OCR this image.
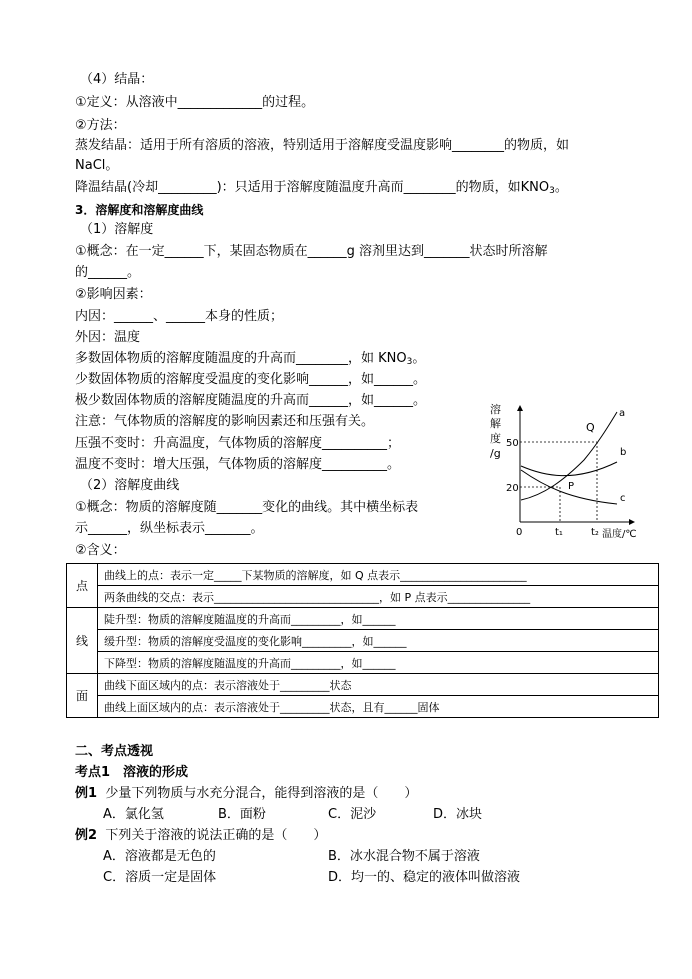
（4）结晶：
①定义：从溶液中_____________的过程。
②方法：
蒸发结晶：适用于所有溶质的溶液，特别适用于溶解度受温度影响________的物质，如
NaCl。
降温结晶(冷却_________)：只适用于溶解度随温度升高而________的物质，如$KNO_3$。
3．溶解度和溶解度曲线
（1）溶解度
①概念：在一定______下，某固态物质在______g 溶剂里达到_______状态时所溶解
的______。
②影响因素：
内因：______、______本身的性质；
外因：温度
多数固体物质的溶解度随温度的升高而________，如 $KNO_3$。
少数固体物质的溶解度受温度的变化影响______，如______。
极少数固体物质的溶解度随温度的升高而______，如______。
注意：气体物质的溶解度的影响因素还和压强有关。
压强不变时：升高温度，气体物质的溶解度__________；
温度不变时：增大压强，气体物质的溶解度__________。
（2）溶解度曲线
①概念：物质的溶解度随_______变化的曲线。其中横坐标表
示______，纵坐标表示_______。
②含义：
溶
解
度
/g
50
20
a
b
c
Q
P
0	t₁	t₂ 温度/℃
点	曲线上的点：表示一定_____下某物质的溶解度，如 Q 点表示_______________________
	两条曲线的交点：表示______________________________，如 P 点表示_______________
线	陡升型：物质的溶解度随温度的升高而_________，如______
	缓升型：物质的溶解度受温度的变化影响_________，如______
	下降型：物质的溶解度随温度的升高而_________，如______
面	曲线下面区域内的点：表示溶液处于_________状态
	曲线上面区域内的点：表示溶液处于_________状态，且有______固体
二、考点透视
考点1　溶液的形成
例1 少量下列物质与水充分混合，能得到溶液的是（　　）
A．氯化氢	B．面粉	C．泥沙	D．冰块
例2 下列关于溶液的说法正确的是（　　）
A．溶液都是无色的	B．冰水混合物不属于溶液
C．溶质一定是固体	D．均一的、稳定的液体叫做溶液
